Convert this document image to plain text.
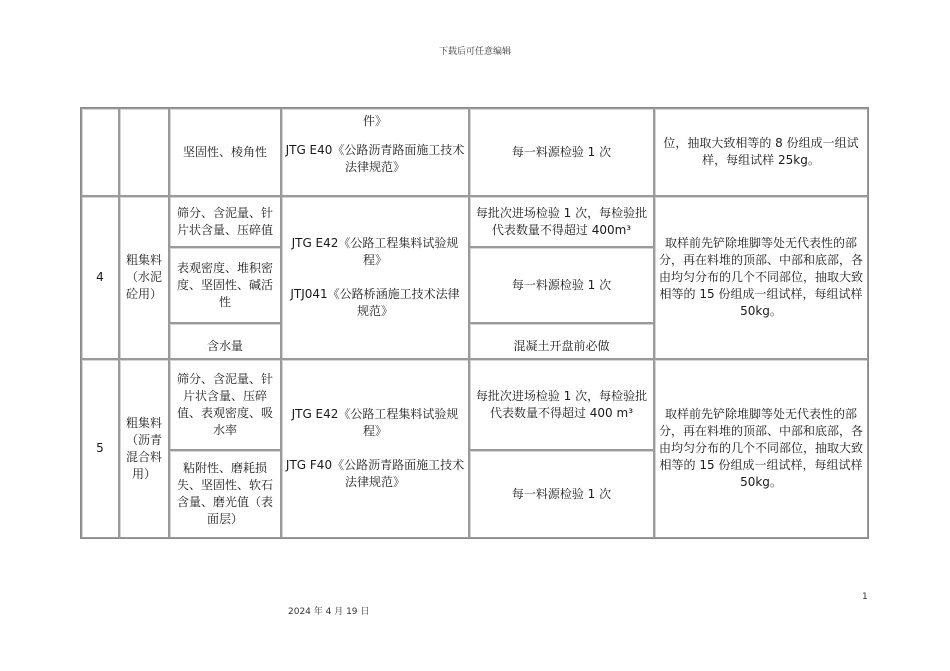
下载后可任意编辑
坚固性、棱角性
件》
JTG E40《公路沥青路面施工技术法律规范》
每一料源检验 1 次
位，抽取大致相等的 8 份组成一组试样，每组试样 25kg。
4
粗集料（水泥砼用）
筛分、含泥量、针片状含量、压碎值
表观密度、堆积密度、坚固性、碱活性
含水量
JTG E42《公路工程集料试验规程》
JTJ041《公路桥涵施工技术法律规范》
每批次进场检验 1 次，每检验批代表数量不得超过 400m³
每一料源检验 1 次
混凝土开盘前必做
取样前先铲除堆脚等处无代表性的部分，再在料堆的顶部、中部和底部，各由均匀分布的几个不同部位，抽取大致相等的 15 份组成一组试样，每组试样 50kg。
5
粗集料（沥青混合料用）
筛分、含泥量、针片状含量、压碎值、表观密度、吸水率
粘附性、磨耗损失、坚固性、软石含量、磨光值（表面层）
JTG E42《公路工程集料试验规程》
JTG F40《公路沥青路面施工技术法律规范》
每批次进场检验 1 次，每检验批代表数量不得超过 400 m³
每一料源检验 1 次
取样前先铲除堆脚等处无代表性的部分，再在料堆的顶部、中部和底部，各由均匀分布的几个不同部位，抽取大致相等的 15 份组成一组试样，每组试样 50kg。
1
2024 年 4 月 19 日
